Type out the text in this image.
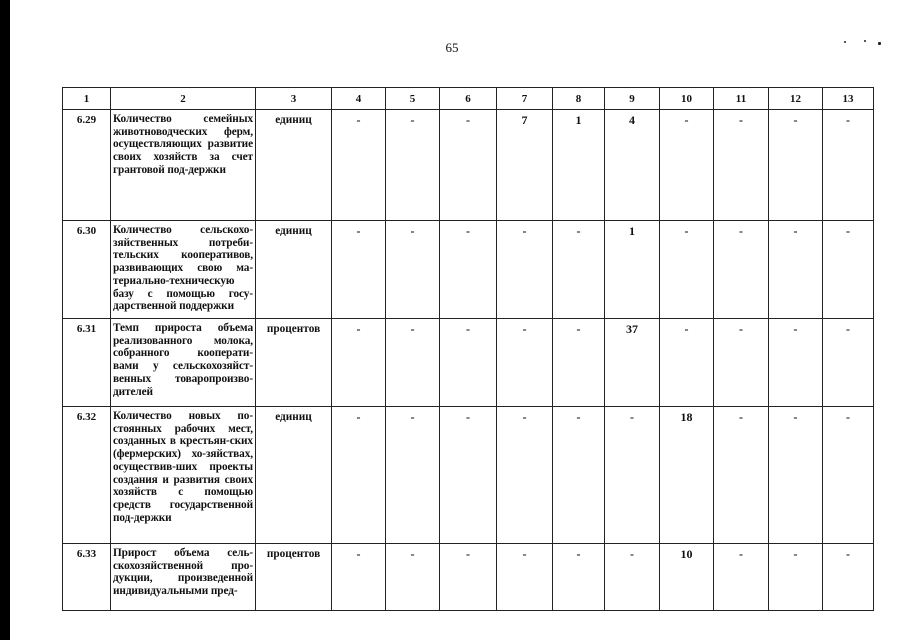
65
1	2	3	4	5	6	7	8	9	10	11	12	13
6.29	Количество семейных животноводческих ферм, осуществляющих развитие своих хозяйств за счет грантовой под-держки	единиц	-	-	-	7	1	4	-	-	-	-
6.30	Количество сельскохо-зяйственных потреби-тельских кооперативов, развивающих свою ма-териально-техническую базу с помощью госу-дарственной поддержки	единиц	-	-	-	-	-	1	-	-	-	-
6.31	Темп прироста объема реализованного молока, собранного кооперати-вами у сельскохозяйст-венных товаропроизво-дителей	процентов	-	-	-	-	-	37	-	-	-	-
6.32	Количество новых по-стоянных рабочих мест, созданных в крестьян-ских (фермерских) хо-зяйствах, осуществив-ших проекты создания и развития своих хозяйств с помощью средств государственной под-держки	единиц	-	-	-	-	-	-	18	-	-	-
6.33	Прирост объема сель-скохозяйственной про-дукции, произведенной индивидуальными пред-	процентов	-	-	-	-	-	-	10	-	-	-
